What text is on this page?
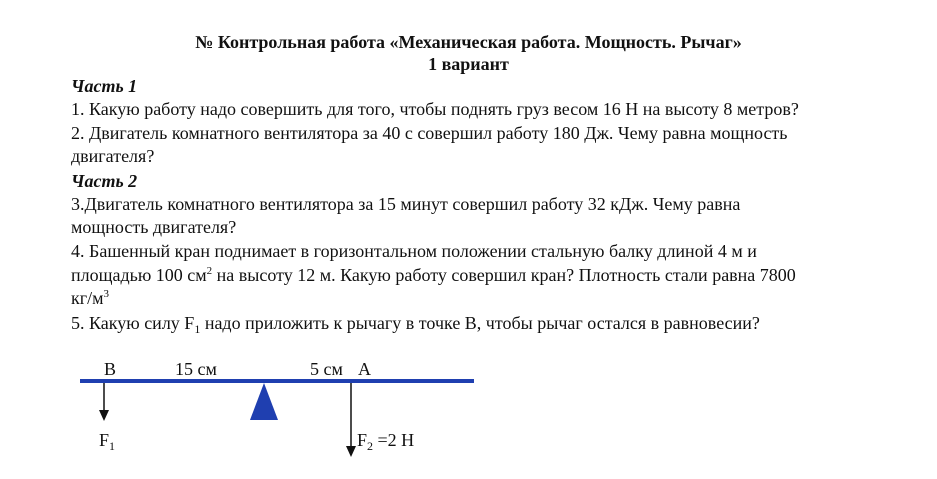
№ Контрольная работа «Механическая работа. Мощность. Рычаг»
1 вариант
Часть 1
1. Какую работу надо совершить для того, чтобы поднять груз весом 16 Н на высоту 8 метров?
2. Двигатель комнатного вентилятора за 40 с совершил работу 180 Дж. Чему равна мощность
двигателя?
Часть 2
3.Двигатель комнатного вентилятора за 15 минут совершил работу 32 кДж. Чему равна
мощность двигателя?
4. Башенный кран поднимает в горизонтальном положении стальную балку длиной 4 м и
площадью 100 $см^2$ на высоту 12 м. Какую работу совершил кран? Плотность стали равна 7800
$кг/м^3$
5. Какую силу $F_1$ надо приложить к рычагу в точке В, чтобы рычаг остался в равновесии?
В	15 см	5 см А
$F_1$	$F_2 =2$ Н
